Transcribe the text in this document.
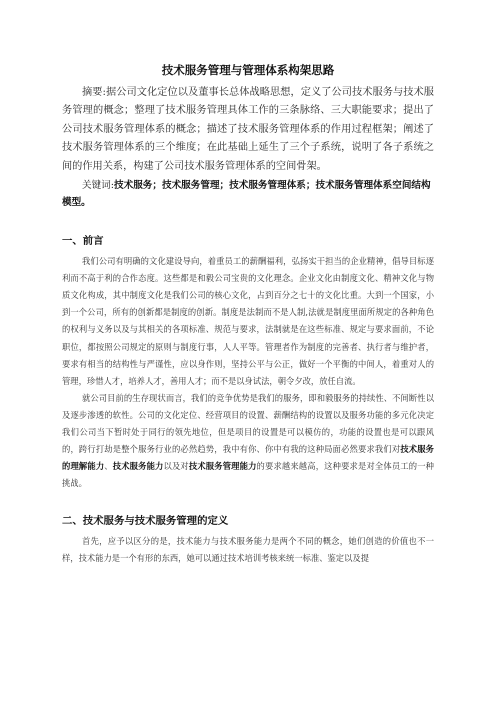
技术服务管理与管理体系构架思路

摘要:据公司文化定位以及董事长总体战略思想，定义了公司技术服务与技术服务管理的概念；整理了技术服务管理具体工作的三条脉络、三大职能要求；提出了公司技术服务管理体系的概念；描述了技术服务管理体系的作用过程框架；阐述了技术服务管理体系的三个维度；在此基础上延生了三个子系统，说明了各子系统之间的作用关系，构建了公司技术服务管理体系的空间骨架。

关键词:技术服务；技术服务管理；技术服务管理体系；技术服务管理体系空间结构模型。

一、前言

我们公司有明确的文化建设导向，着重员工的薪酬福利，弘扬实干担当的企业精神，倡导目标逐利而不高于利的合作态度。这些都是和毅公司宝贵的文化理念。企业文化由制度文化、精神文化与物质文化构成，其中制度文化是我们公司的核心文化，占到百分之七十的文化比重。大到一个国家，小到一个公司，所有的创新都是制度的创新。制度是法制而不是人制,法就是制度里面所规定的各种角色的权利与义务以及与其相关的各项标准、规范与要求，法制就是在这些标准、规定与要求面前，不论职位，都按照公司规定的原则与制度行事，人人平等。管理者作为制度的完善者、执行者与维护者，要求有相当的结构性与严谨性，应以身作则，坚持公平与公正，做好一个平衡的中间人，着重对人的管理，珍惜人才，培养人才，善用人才；而不是以身试法，朝令夕改，放任自流。

就公司目前的生存现状而言，我们的竞争优势是我们的服务，即和毅服务的持续性、不间断性以及逐步渗透的软性。公司的文化定位、经营项目的设置、薪酬结构的设置以及服务功能的多元化决定我们公司当下暂时处于同行的领先地位，但是项目的设置是可以模仿的，功能的设置也是可以跟风的，跨行打劫是整个服务行业的必然趋势，我中有你、你中有我的这种局面必然要求我们对技术服务的理解能力、技术服务能力以及对技术服务管理能力的要求越来越高，这种要求是对全体员工的一种挑战。

二、技术服务与技术服务管理的定义

首先，应予以区分的是，技术能力与技术服务能力是两个不同的概念，她们创造的价值也不一样，技术能力是一个有形的东西，她可以通过技术培训考核来统一标准、鉴定以及提
